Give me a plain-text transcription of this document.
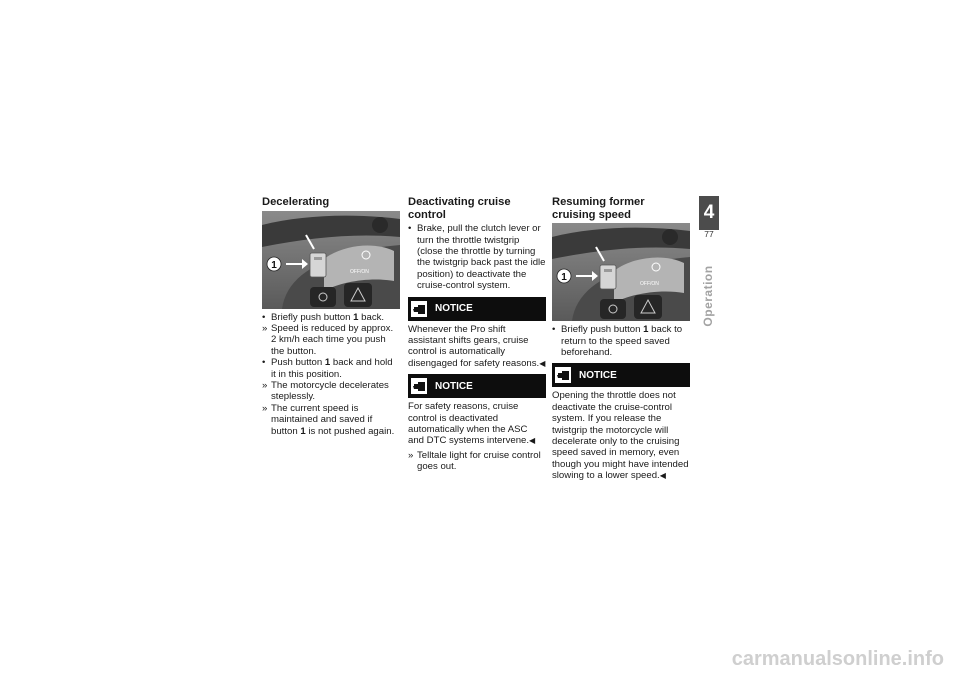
4
77
Operation
Decelerating
OFF/ON
1
• Briefly push button 1 back.
» Speed is reduced by approx. 2 km/h each time you push the button.
• Push button 1 back and hold it in this position.
» The motorcycle decelerates steplessly.
» The current speed is maintained and saved if button 1 is not pushed again.
Deactivating cruise control
• Brake, pull the clutch lever or turn the throttle twistgrip (close the throttle by turning the twistgrip back past the idle position) to deactivate the cruise-control system.
NOTICE
Whenever the Pro shift assistant shifts gears, cruise control is automatically disengaged for safety reasons.◀
NOTICE
For safety reasons, cruise control is deactivated automatically when the ASC and DTC systems intervene.◀
» Telltale light for cruise control goes out.
Resuming former cruising speed
OFF/ON
1
• Briefly push button 1 back to return to the speed saved beforehand.
NOTICE
Opening the throttle does not deactivate the cruise-control system. If you release the twistgrip the motorcycle will decelerate only to the cruising speed saved in memory, even though you might have intended slowing to a lower speed.◀
carmanualsonline.info
